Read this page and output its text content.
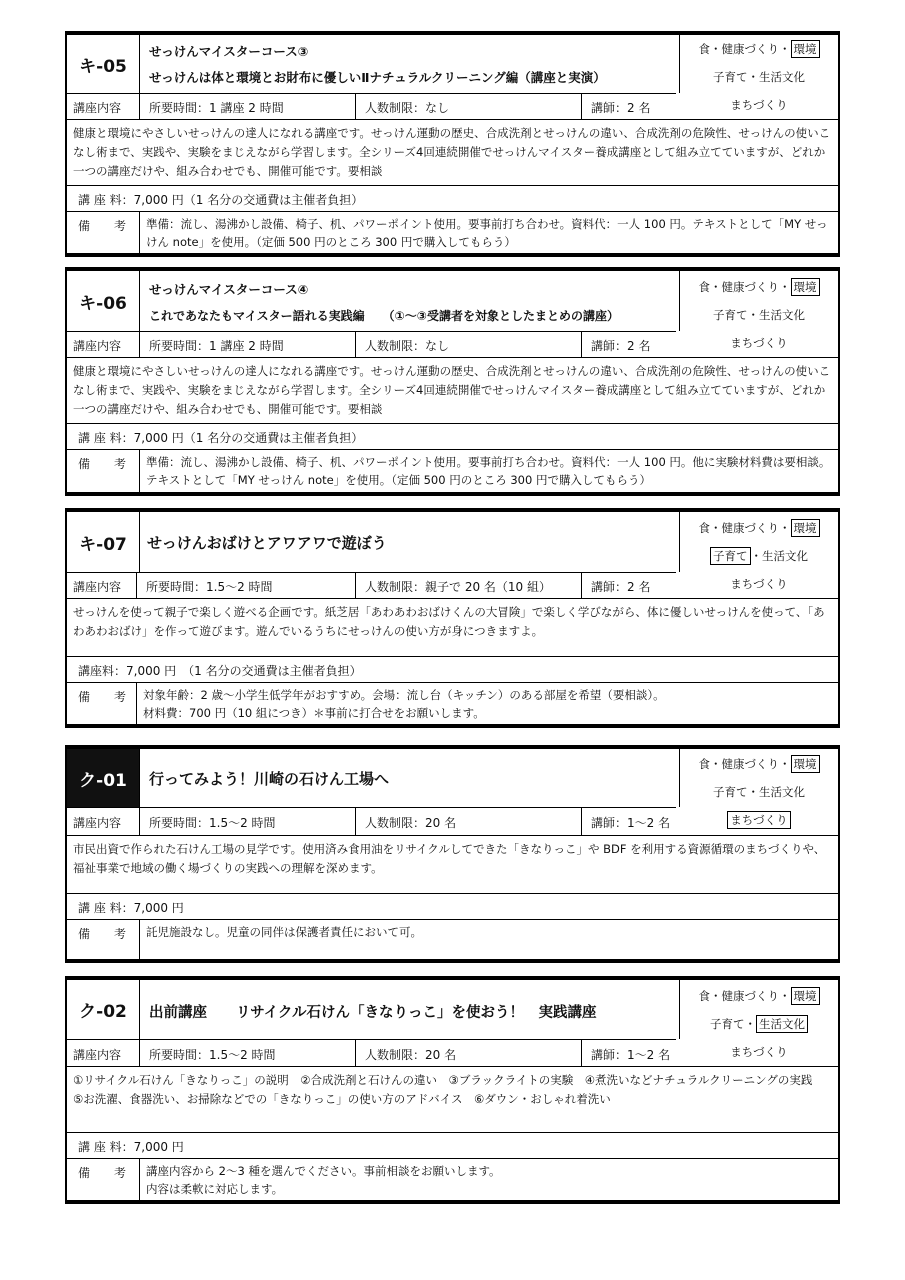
キ-05
せっけんマイスターコース③
せっけんは体と環境とお財布に優しいⅡナチュラルクリーニング編（講座と実演）
食・健康づくり・ 環境
子育て・生活文化
まちづくり
講座内容	所要時間：1 講座 2 時間	人数制限：なし	講師：2 名
健康と環境にやさしいせっけんの達人になれる講座です。せっけん運動の歴史、合成洗剤とせっけんの違い、合成洗剤の危険性、せっけんの使いこなし術まで、実践や、実験をまじえながら学習します。全シリーズ4回連続開催でせっけんマイスター養成講座として組み立てていますが、どれか一つの講座だけや、組み合わせでも、開催可能です。要相談
講 座 料：7,000 円（1 名分の交通費は主催者負担）
備　　考	準備：流し、湯沸かし設備、椅子、机、パワーポイント使用。要事前打ち合わせ。資料代：一人 100 円。テキストとして「MY せっけん note」を使用。（定価 500 円のところ 300 円で購入してもらう）
キ-06
せっけんマイスターコース④
これであなたもマイスター語れる実践編　　（①～③受講者を対象としたまとめの講座）
食・健康づくり・ 環境
子育て・生活文化
まちづくり
講座内容	所要時間：1 講座 2 時間	人数制限：なし	講師：2 名
健康と環境にやさしいせっけんの達人になれる講座です。せっけん運動の歴史、合成洗剤とせっけんの違い、合成洗剤の危険性、せっけんの使いこなし術まで、実践や、実験をまじえながら学習します。全シリーズ4回連続開催でせっけんマイスター養成講座として組み立てていますが、どれか一つの講座だけや、組み合わせでも、開催可能です。要相談
講 座 料：7,000 円（1 名分の交通費は主催者負担）
備　　考	準備：流し、湯沸かし設備、椅子、机、パワーポイント使用。要事前打ち合わせ。資料代：一人 100 円。他に実験材料費は要相談。テキストとして「MY せっけん note」を使用。（定価 500 円のところ 300 円で購入してもらう）
キ-07	せっけんおばけとアワアワで遊ぼう
食・健康づくり・ 環境
子育て ・生活文化
まちづくり
講座内容	所要時間：1.5～2 時間	人数制限：親子で 20 名（10 組）	講師：2 名
せっけんを使って親子で楽しく遊べる企画です。紙芝居「あわあわおばけくんの大冒険」で楽しく学びながら、体に優しいせっけんを使って、「あわあわおばけ」を作って遊びます。遊んでいるうちにせっけんの使い方が身につきますよ。
講座料：7,000 円　（1 名分の交通費は主催者負担）
備　　考	対象年齢：2 歳～小学生低学年がおすすめ。会場：流し台（キッチン）のある部屋を希望（要相談）。
材料費：700 円（10 組につき）＊事前に打合せをお願いします。
ク-01	行ってみよう！川崎の石けん工場へ
食・健康づくり・ 環境
子育て・生活文化
まちづくり
講座内容	所要時間：1.5～2 時間	人数制限：20 名	講師：1～2 名
市民出資で作られた石けん工場の見学です。使用済み食用油をリサイクルしてできた「きなりっこ」や BDF を利用する資源循環のまちづくりや、福祉事業で地域の働く場づくりの実践への理解を深めます。
講 座 料：7,000 円
備　　考	託児施設なし。児童の同伴は保護者責任において可。
ク-02	出前講座　　リサイクル石けん「きなりっこ」を使おう！　実践講座
食・健康づくり・ 環境
子育て・ 生活文化
まちづくり
講座内容	所要時間：1.5～2 時間	人数制限：20 名	講師：1～2 名
①リサイクル石けん「きなりっこ」の説明　②合成洗剤と石けんの違い　③ブラックライトの実験　④煮洗いなどナチュラルクリーニングの実践　⑤お洗濯、食器洗い、お掃除などでの「きなりっこ」の使い方のアドバイス　⑥ダウン・おしゃれ着洗い
講 座 料：7,000 円
備　　考	講座内容から 2～3 種を選んでください。事前相談をお願いします。
内容は柔軟に対応します。
